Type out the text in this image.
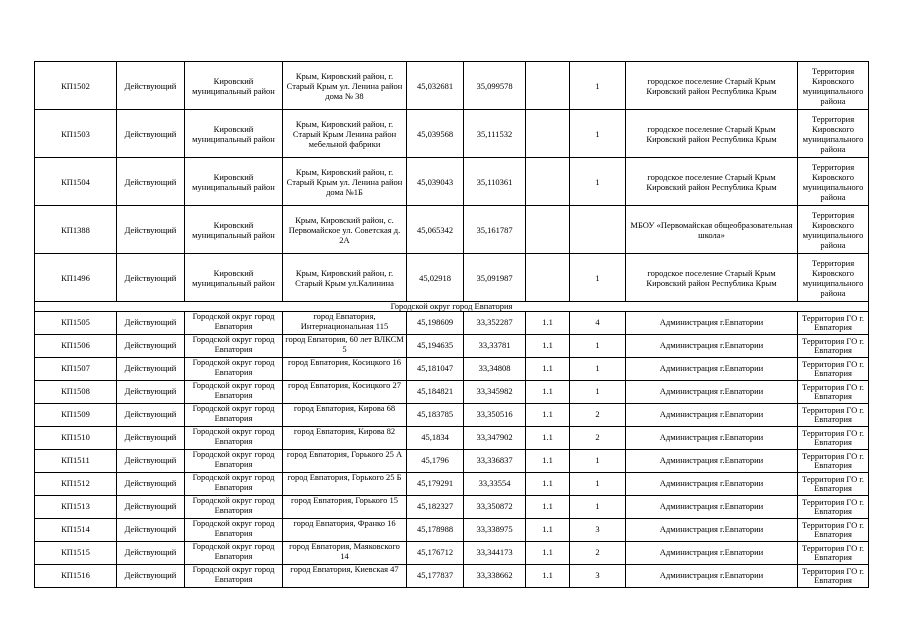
КП1502	Действующий	Кировский муниципальный район	Крым, Кировский район, г. Старый Крым ул. Ленина район дома № 38	45,032681	35,099578		1	городское поселение Старый Крым Кировский район Республика Крым	Территория Кировского муниципального района
КП1503	Действующий	Кировский муниципальный район	Крым, Кировский район, г. Старый Крым Ленина район мебельной фабрики	45,039568	35,111532		1	городское поселение Старый Крым Кировский район Республика Крым	Территория Кировского муниципального района
КП1504	Действующий	Кировский муниципальный район	Крым, Кировский район, г. Старый Крым ул. Ленина район дома №1Б	45,039043	35,110361		1	городское поселение Старый Крым Кировский район Республика Крым	Территория Кировского муниципального района
КП1388	Действующий	Кировский муниципальный район	Крым, Кировский район, с. Первомайское ул. Советская д. 2А	45,065342	35,161787			МБОУ «Первомайская общеобразовательная школа»	Территория Кировского муниципального района
КП1496	Действующий	Кировский муниципальный район	Крым, Кировский район, г. Старый Крым ул.Калинина	45,02918	35,091987		1	городское поселение Старый Крым Кировский район Республика Крым	Территория Кировского муниципального района
Городской округ город Евпатория									
КП1505	Действующий	Городской округ город Евпатория	город Евпатория, Интернациональная 115	45,198609	33,352287	1.1	4	Администрация г.Евпатории	Территория ГО г. Евпатория
КП1506	Действующий	Городской округ город Евпатория	город Евпатория, 60 лет ВЛКСМ 5	45,194635	33,33781	1.1	1	Администрация г.Евпатории	Территория ГО г. Евпатория
КП1507	Действующий	Городской округ город Евпатория	город Евпатория, Косицкого 16	45,181047	33,34808	1.1	1	Администрация г.Евпатории	Территория ГО г. Евпатория
КП1508	Действующий	Городской округ город Евпатория	город Евпатория, Косицкого 27	45,184821	33,345982	1.1	1	Администрация г.Евпатории	Территория ГО г. Евпатория
КП1509	Действующий	Городской округ город Евпатория	город Евпатория, Кирова 68	45,183785	33,350516	1.1	2	Администрация г.Евпатории	Территория ГО г. Евпатория
КП1510	Действующий	Городской округ город Евпатория	город Евпатория, Кирова 82	45,1834	33,347902	1.1	2	Администрация г.Евпатории	Территория ГО г. Евпатория
КП1511	Действующий	Городской округ город Евпатория	город Евпатория, Горького 25 А	45,1796	33,336837	1.1	1	Администрация г.Евпатории	Территория ГО г. Евпатория
КП1512	Действующий	Городской округ город Евпатория	город Евпатория, Горького 25 Б	45,179291	33,33554	1.1	1	Администрация г.Евпатории	Территория ГО г. Евпатория
КП1513	Действующий	Городской округ город Евпатория	город Евпатория, Горького 15	45,182327	33,350872	1.1	1	Администрация г.Евпатории	Территория ГО г. Евпатория
КП1514	Действующий	Городской округ город Евпатория	город Евпатория, Франко 16	45,178988	33,338975	1.1	3	Администрация г.Евпатории	Территория ГО г. Евпатория
КП1515	Действующий	Городской округ город Евпатория	город Евпатория, Маяковского 14	45,176712	33,344173	1.1	2	Администрация г.Евпатории	Территория ГО г. Евпатория
КП1516	Действующий	Городской округ город Евпатория	город Евпатория, Киевская 47	45,177837	33,338662	1.1	3	Администрация г.Евпатории	Территория ГО г. Евпатория
